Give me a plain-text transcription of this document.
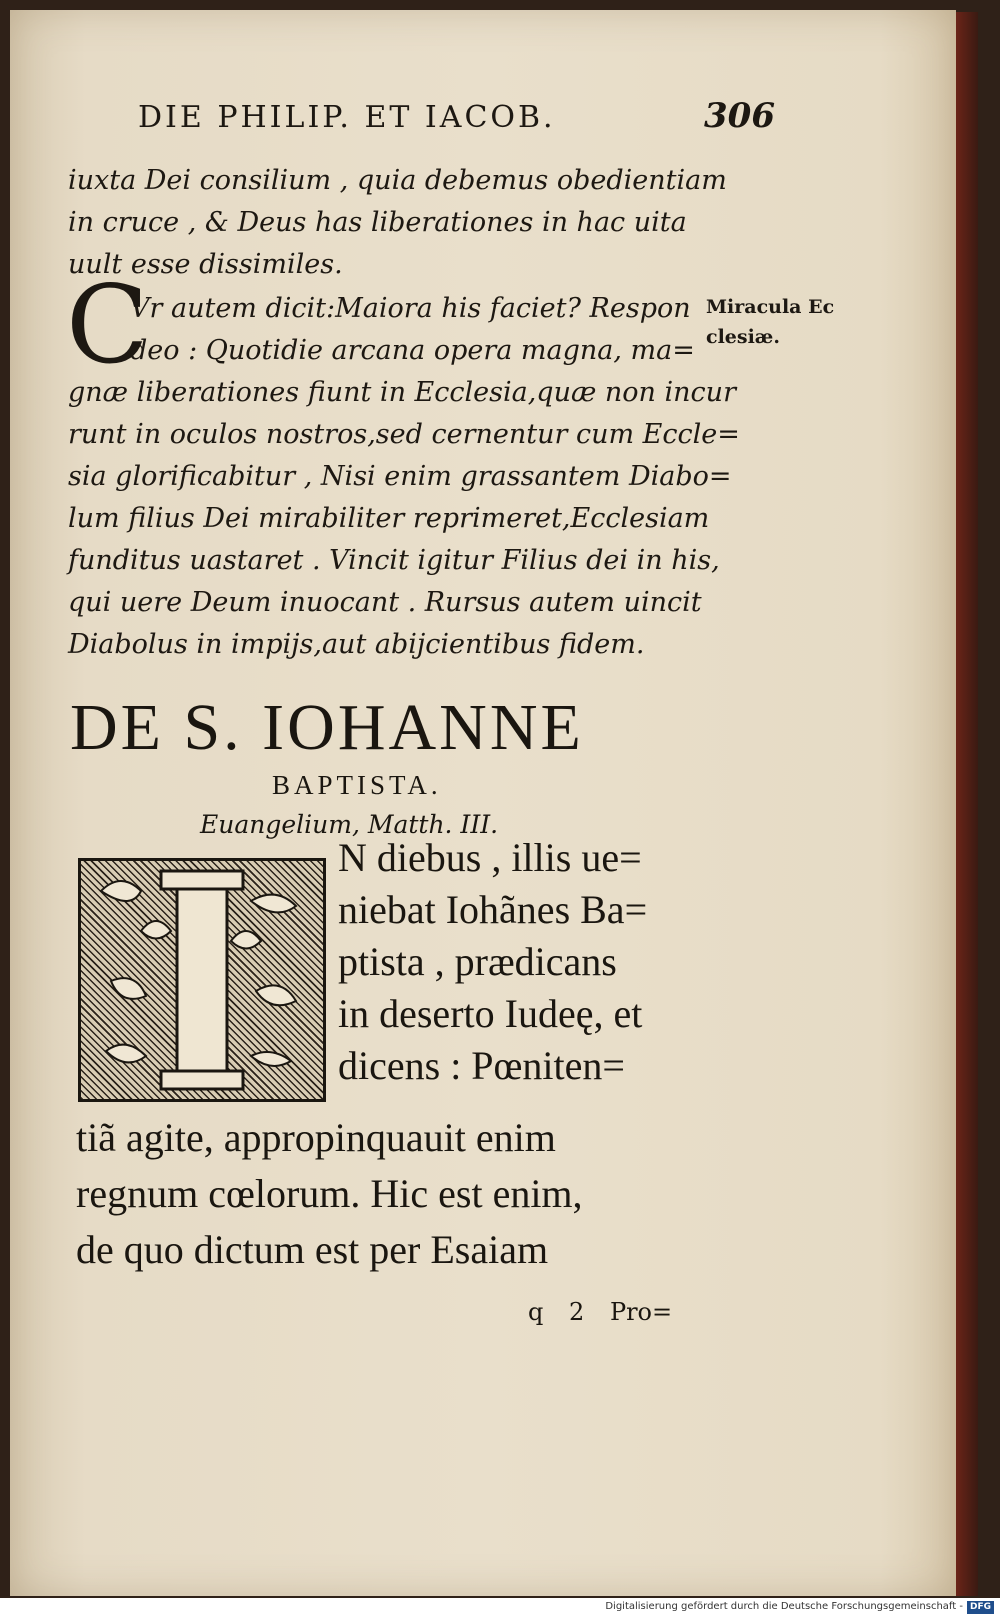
DIE PHILIP. ET IACOB.	306

iuxta Dei consilium , quia debemus obedientiam

in cruce , & Deus has liberationes in hac uita

uult esse dissimiles.

C

Vr autem dicit:Maiora his faciet? Respon

deo : Quotidie arcana opera magna, ma=

gnæ liberationes fiunt in Ecclesia,quæ non incur

runt in oculos nostros,sed cernentur cum Eccle=

sia glorificabitur , Nisi enim grassantem Diabo=

lum filius Dei mirabiliter reprimeret,Ecclesiam

funditus uastaret . Vincit igitur Filius dei in his,

qui uere Deum inuocant . Rursus autem uincit

Diabolus in impijs,aut abijcientibus fidem.

Miracula Ec

clesiæ.

DE S. IOHANNE
BAPTISTA.
Euangelium, Matth. III.

N diebus , illis ue=

niebat Iohãnes Ba=

ptista , prædicans

in deserto Iudeę, et

dicens : Pœniten=

tiã agite, appropinquauit enim

regnum cœlorum. Hic est enim,

de quo dictum est per Esaiam

q 2 Pro=
Digitalisierung gefördert durch die Deutsche Forschungsgemeinschaft - DFG
